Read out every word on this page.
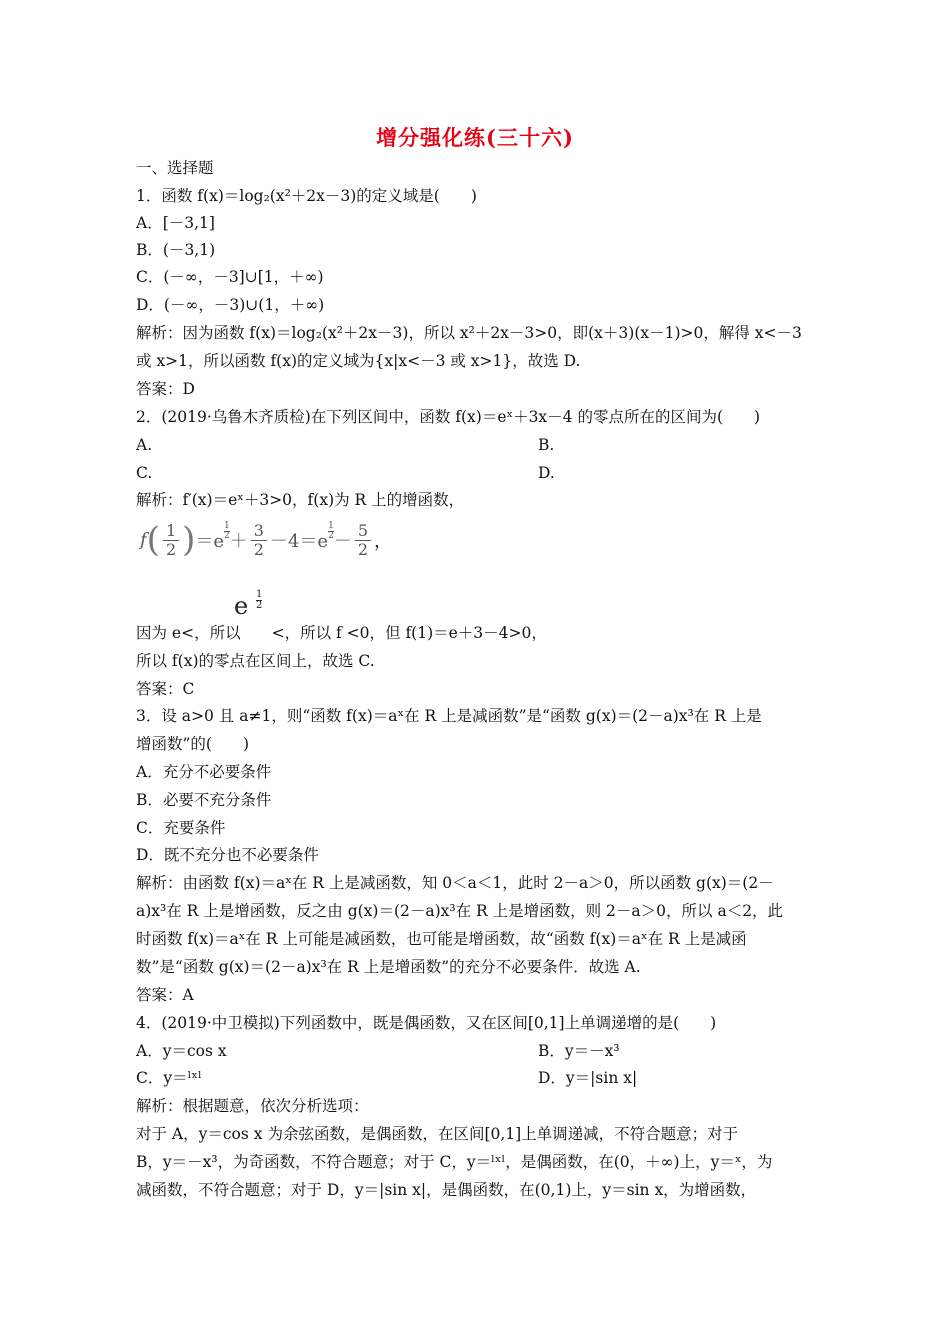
增分强化练(三十六)
一、选择题
1．函数 f(x)＝log₂(x²＋2x－3)的定义域是(　　)
A．[－3,1]
B．(－3,1)
C．(－∞，－3]∪[1，＋∞)
D．(－∞，－3)∪(1，＋∞)
解析：因为函数 f(x)＝log₂(x²＋2x－3)，所以 x²＋2x－3>0，即(x＋3)(x－1)>0，解得 x<－3
或 x>1，所以函数 f(x)的定义域为{x|x<－3 或 x>1}，故选 D.
答案：D
2．(2019·乌鲁木齐质检)在下列区间中，函数 f(x)＝eˣ＋3x－4 的零点所在的区间为(　　)
A.	B.
C.	D.
解析：f′(x)＝eˣ＋3>0，f(x)为 R 上的增函数，
$f( \frac{1}{2} )=e \frac{1}{2} + \frac{3}{2} -4=e \frac{1}{2} - \frac{5}{2}$ ，
e $\frac{1}{2}$
因为 e<，所以　　<，所以 f <0，但 f(1)＝e＋3－4>0，
所以 f(x)的零点在区间上，故选 C.
答案：C
3．设 a>0 且 a≠1，则“函数 f(x)＝aˣ在 R 上是减函数”是“函数 g(x)＝(2－a)x³在 R 上是
增函数”的(　　)
A．充分不必要条件
B．必要不充分条件
C．充要条件
D．既不充分也不必要条件
解析：由函数 f(x)＝aˣ在 R 上是减函数，知 0＜a＜1，此时 2－a＞0，所以函数 g(x)＝(2－
a)x³在 R 上是增函数，反之由 g(x)＝(2－a)x³在 R 上是增函数，则 2－a＞0，所以 a＜2，此
时函数 f(x)＝aˣ在 R 上可能是减函数，也可能是增函数，故“函数 f(x)＝aˣ在 R 上是减函
数”是“函数 g(x)＝(2－a)x³在 R 上是增函数”的充分不必要条件．故选 A.
答案：A
4．(2019·中卫模拟)下列函数中，既是偶函数，又在区间[0,1]上单调递增的是(　　)
A．y＝cos x	B．y＝－x³
C．y＝ˡˣˡ	D．y＝|sin x|
解析：根据题意，依次分析选项：
对于 A，y＝cos x 为余弦函数，是偶函数，在区间[0,1]上单调递减，不符合题意；对于
B，y＝－x³，为奇函数，不符合题意；对于 C，y＝ˡˣˡ，是偶函数，在(0，＋∞)上，y＝ˣ，为
减函数，不符合题意；对于 D，y＝|sin x|，是偶函数，在(0,1)上，y＝sin x，为增函数，
